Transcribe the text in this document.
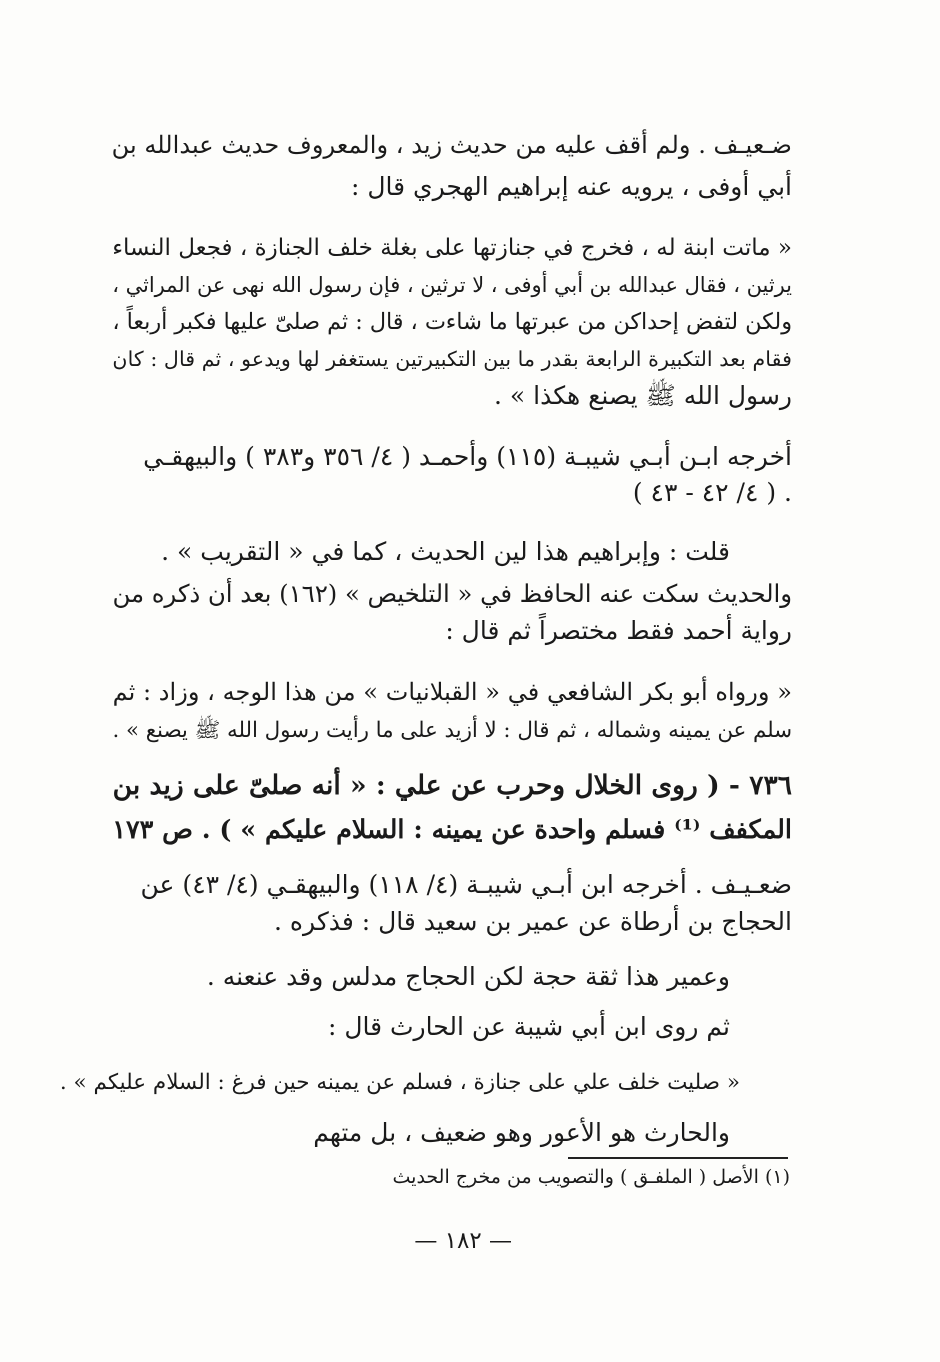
ضـعيـف . ولم أقف عليه من حديث زيد ، والمعروف حديث عبدالله بن
أبي أوفى ، يرويه عنه إبراهيم الهجري قال :
« ماتت ابنة له ، فخرج في جنازتها على بغلة خلف الجنازة ، فجعل النساء
يرثين ، فقال عبدالله بن أبي أوفى ، لا ترثين ، فإن رسول الله نهى عن المراثي ،
ولكن لتفض إحداكن من عبرتها ما شاءت ، قال : ثم صلىّ عليها فكبر أربعاً ،
فقام بعد التكبيرة الرابعة بقدر ما بين التكبيرتين يستغفر لها ويدعو ، ثم قال : كان
رسول الله ﷺ يصنع هكذا » .
أخرجه ابـن أبـي شيبـة (١١٥) وأحمـد ( ٤/ ٣٥٦ و٣٨٣ ) والبيهقـي
( ٤/ ٤٢ - ٤٣ ) .
قلت : وإبراهيم هذا لين الحديث ، كما في « التقريب » .
والحديث سكت عنه الحافظ في « التلخيص » (١٦٢) بعد أن ذكره من
رواية أحمد فقط مختصراً ثم قال :
« ورواه أبو بكر الشافعي في « القبلانيات » من هذا الوجه ، وزاد : ثم
سلم عن يمينه وشماله ، ثم قال : لا أزيد على ما رأيت رسول الله ﷺ يصنع » .
٧٣٦ - ( روى الخلال وحرب عن علي : « أنه صلىّ على زيد بن
المكفف ⁽¹⁾ فسلم واحدة عن يمينه : السلام عليكم » ) . ص ١٧٣
ضعـيـف . أخرجه ابن أبـي شيبـة (٤/ ١١٨) والبيهقـي (٤/ ٤٣) عن
الحجاج بن أرطاة عن عمير بن سعيد قال : فذكره .
وعمير هذا ثقة حجة لكن الحجاج مدلس وقد عنعنه .
ثم روى ابن أبي شيبة عن الحارث قال :
« صليت خلف علي على جنازة ، فسلم عن يمينه حين فرغ : السلام عليكم » .
والحارث هو الأعور وهو ضعيف ، بل متهم
(١) الأصل ( الملفـق ) والتصويب من مخرج الحديث
— ١٨٢ —
